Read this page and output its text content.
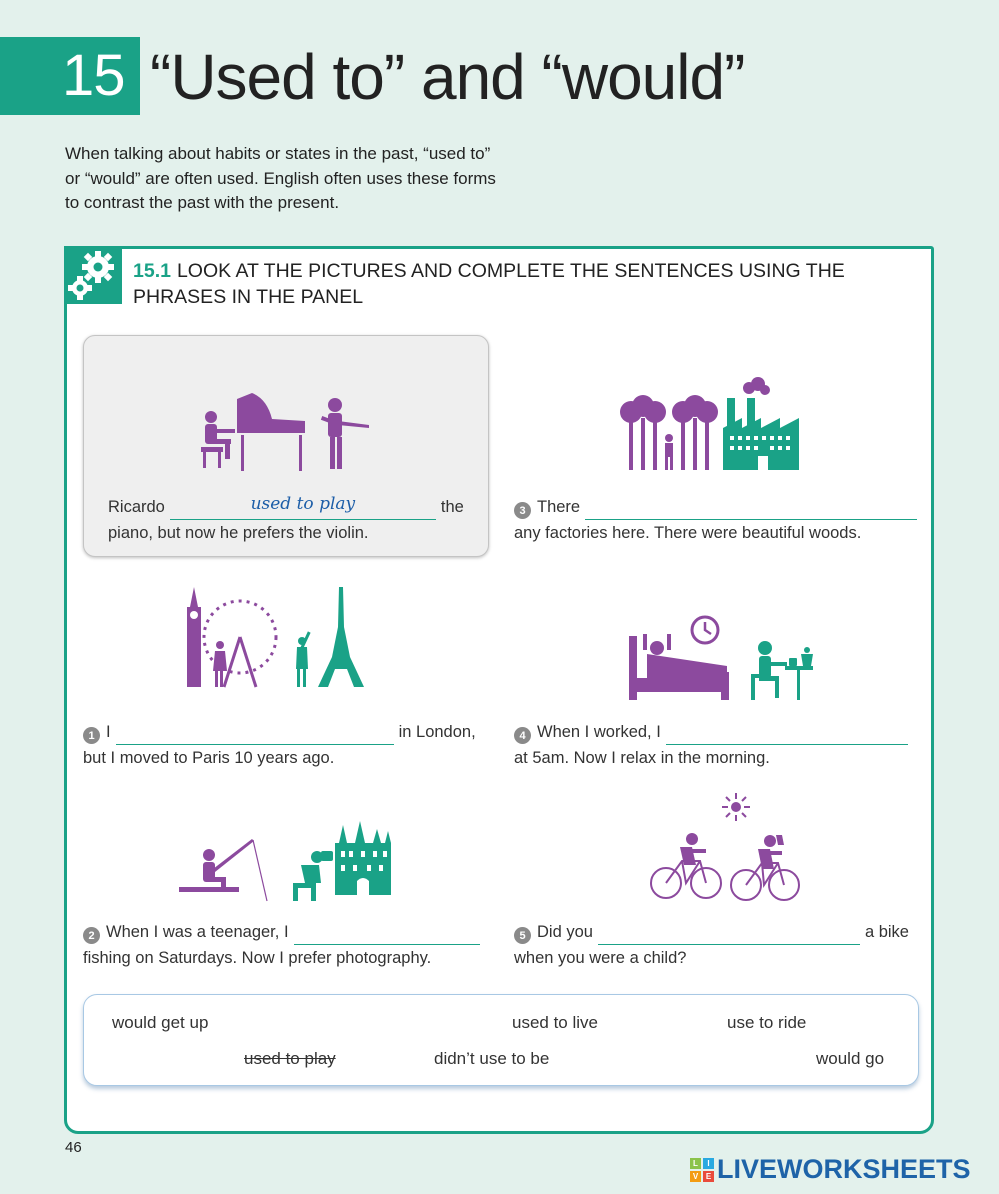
15 “Used to” and “would”
When talking about habits or states in the past, “used to” or “would” are often used. English often uses these forms to contrast the past with the present.
15.1 LOOK AT THE PICTURES AND COMPLETE THE SENTENCES USING THE PHRASES IN THE PANEL
Ricardo	used to play	the
piano, but now he prefers the violin.
3 There
any factories here. There were beautiful woods.
1 I	in London,
but I moved to Paris 10 years ago.
4 When I worked, I
at 5am. Now I relax in the morning.
2 When I was a teenager, I
fishing on Saturdays. Now I prefer photography.
5 Did you	a bike
when you were a child?
would get up	used to live	use to ride
used to play	didn’t use to be	would go
46
L	I
V E LIVEWORKSHEETS
